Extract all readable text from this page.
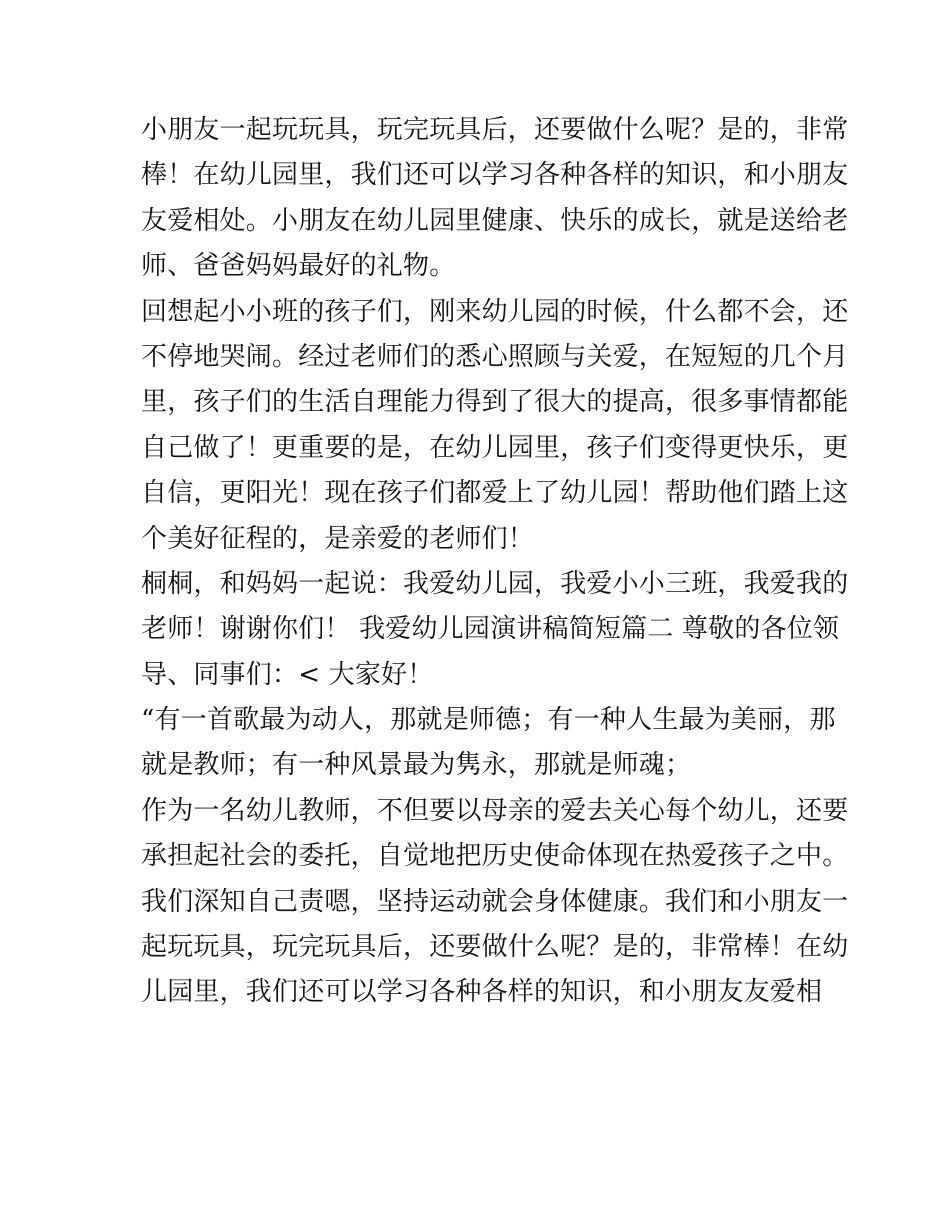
小朋友一起玩玩具，玩完玩具后，还要做什么呢？是的，非常
棒！在幼儿园里，我们还可以学习各种各样的知识，和小朋友
友爱相处。小朋友在幼儿园里健康、快乐的成长，就是送给老
师、爸爸妈妈最好的礼物。
回想起小小班的孩子们，刚来幼儿园的时候，什么都不会，还
不停地哭闹。经过老师们的悉心照顾与关爱，在短短的几个月
里，孩子们的生活自理能力得到了很大的提高，很多事情都能
自己做了！更重要的是，在幼儿园里，孩子们变得更快乐，更
自信，更阳光！现在孩子们都爱上了幼儿园！帮助他们踏上这
个美好征程的，是亲爱的老师们！
桐桐，和妈妈一起说：我爱幼儿园，我爱小小三班，我爱我的
老师！谢谢你们！ 我爱幼儿园演讲稿简短篇二 尊敬的各位领
导、同事们：< 大家好！
“有一首歌最为动人，那就是师德；有一种人生最为美丽，那
就是教师；有一种风景最为隽永，那就是师魂；
作为一名幼儿教师，不但要以母亲的爱去关心每个幼儿，还要
承担起社会的委托，自觉地把历史使命体现在热爱孩子之中。
我们深知自己责嗯，坚持运动就会身体健康。我们和小朋友一
起玩玩具，玩完玩具后，还要做什么呢？是的，非常棒！在幼
儿园里，我们还可以学习各种各样的知识，和小朋友友爱相
